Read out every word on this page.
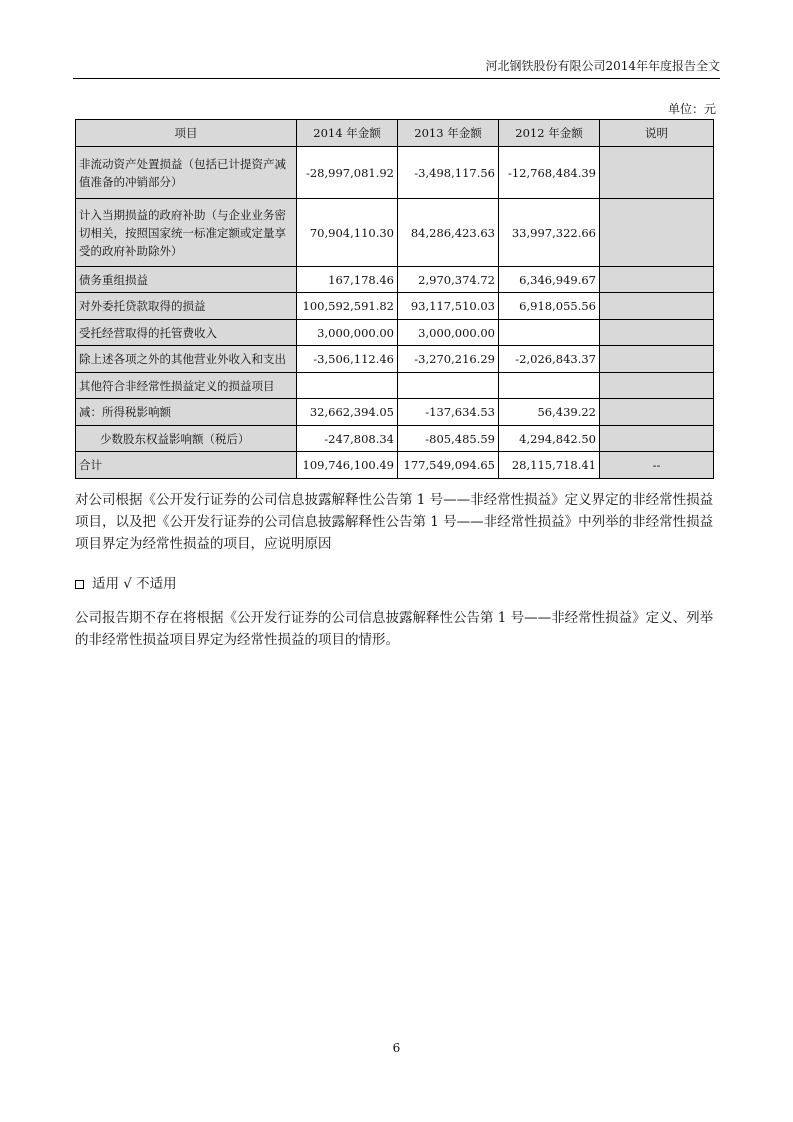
河北钢铁股份有限公司2014年年度报告全文
单位：元
项目	2014 年金额	2013 年金额	2012 年金额	说明
非流动资产处置损益（包括已计提资产减值准备的冲销部分）	-28,997,081.92	-3,498,117.56	-12,768,484.39	
计入当期损益的政府补助（与企业业务密切相关，按照国家统一标准定额或定量享受的政府补助除外）	70,904,110.30	84,286,423.63	33,997,322.66	
债务重组损益	167,178.46	2,970,374.72	6,346,949.67	
对外委托贷款取得的损益	100,592,591.82	93,117,510.03	6,918,055.56	
受托经营取得的托管费收入	3,000,000.00	3,000,000.00		
除上述各项之外的其他营业外收入和支出	-3,506,112.46	-3,270,216.29	-2,026,843.37	
其他符合非经常性损益定义的损益项目				
减：所得税影响额	32,662,394.05	-137,634.53	56,439.22	
少数股东权益影响额（税后）	-247,808.34	-805,485.59	4,294,842.50	
合计	109,746,100.49	177,549,094.65	28,115,718.41	--
对公司根据《公开发行证券的公司信息披露解释性公告第 1 号——非经常性损益》定义界定的非经常性损益项目，以及把《公开发行证券的公司信息披露解释性公告第 1 号——非经常性损益》中列举的非经常性损益项目界定为经常性损益的项目，应说明原因
适用 √ 不适用
公司报告期不存在将根据《公开发行证券的公司信息披露解释性公告第 1 号——非经常性损益》定义、列举的非经常性损益项目界定为经常性损益的项目的情形。
6
